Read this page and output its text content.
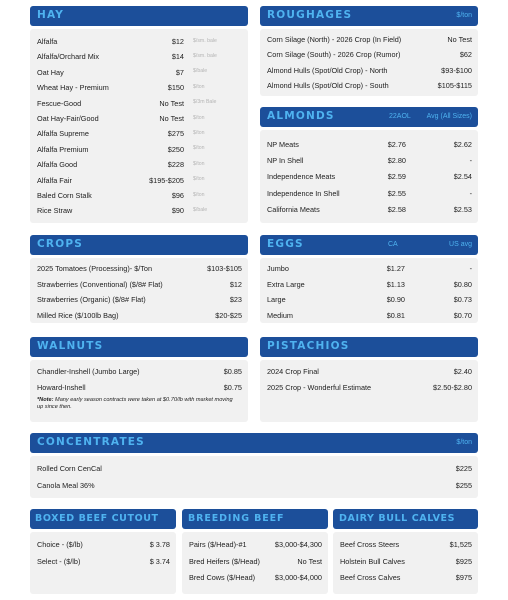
HAY
Alfalfa	$12 $/sm. bale
Alfalfa/Orchard Mix	$14 $/sm. bale
Oat Hay	$7 $/bale
Wheat Hay - Premium	$150 $/ton
Fescue-Good	No Test $/3m Bale
Oat Hay-Fair/Good	No Test $/ton
Alfalfa Supreme	$275 $/ton
Alfalfa Premium	$250 $/ton
Alfalfa Good	$228 $/ton
Alfalfa Fair	$195-$205 $/ton
Baled Corn Stalk	$96 $/ton
Rice Straw	$90 $/bale
ROUGHAGES	$/ton
Corn Silage (North) - 2026 Crop (In Field)	No Test
Corn Silage (South) - 2026 Crop (Rumor)	$62
Almond Hulls (Spot/Old Crop) - North	$93-$100
Almond Hulls (Spot/Old Crop) - South	$105-$115
ALMONDS	22AOL Avg (All Sizes)
NP Meats	$2.76	$2.62
NP In Shell	$2.80	-
Independence Meats	$2.59	$2.54
Independence In Shell	$2.55	-
California Meats	$2.58	$2.53
CROPS
2025 Tomatoes (Processing)- $/Ton	$103-$105
Strawberries (Conventional) ($/8# Flat)	$12
Strawberries (Organic) ($/8# Flat)	$23
Milled Rice ($/100lb Bag)	$20-$25
EGGS	CA	US avg
Jumbo	$1.27	-
Extra Large	$1.13	$0.80
Large	$0.90	$0.73
Medium	$0.81	$0.70
WALNUTS
Chandler-Inshell (Jumbo Large)	$0.85
Howard-Inshell	$0.75
*Note: Many early season contracts were taken at $0.70/lb with market moving up since then.
PISTACHIOS
2024 Crop Final	$2.40
2025 Crop - Wonderful Estimate	$2.50-$2.80
CONCENTRATES	$/ton
Rolled Corn CenCal	$225
Canola Meal 36%	$255
BOXED BEEF CUTOUT
Choice - ($/lb)	$ 3.78
Select - ($/lb)	$ 3.74
BREEDING BEEF
Pairs ($/Head)-#1	$3,000-$4,300
Bred Heifers ($/Head)	No Test
Bred Cows ($/Head)	$3,000-$4,000
DAIRY BULL CALVES
Beef Cross Steers	$1,525
Holstein Bull Calves	$925
Beef Cross Calves	$975
